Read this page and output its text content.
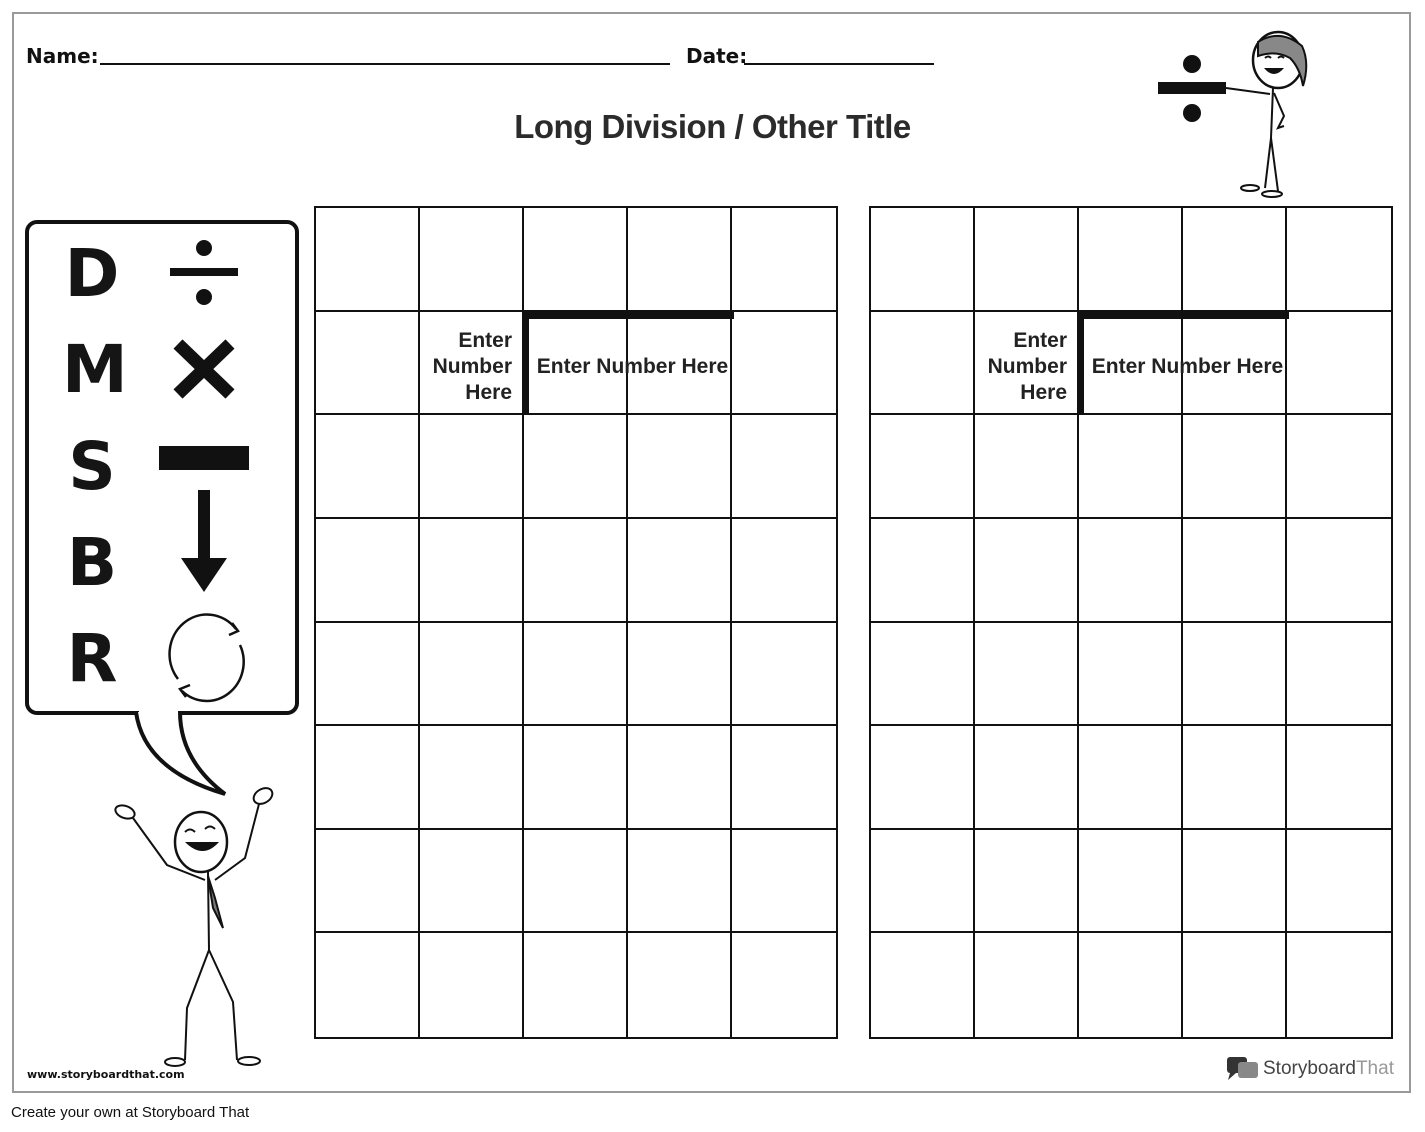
Name:	Date:
Long Division / Other Title
D
M
S
B
R
Enter
Number
Here
Enter Number Here
Enter
Number
Here
Enter Number Here
www.storyboardthat.com	StoryboardThat
Create your own at Storyboard That
